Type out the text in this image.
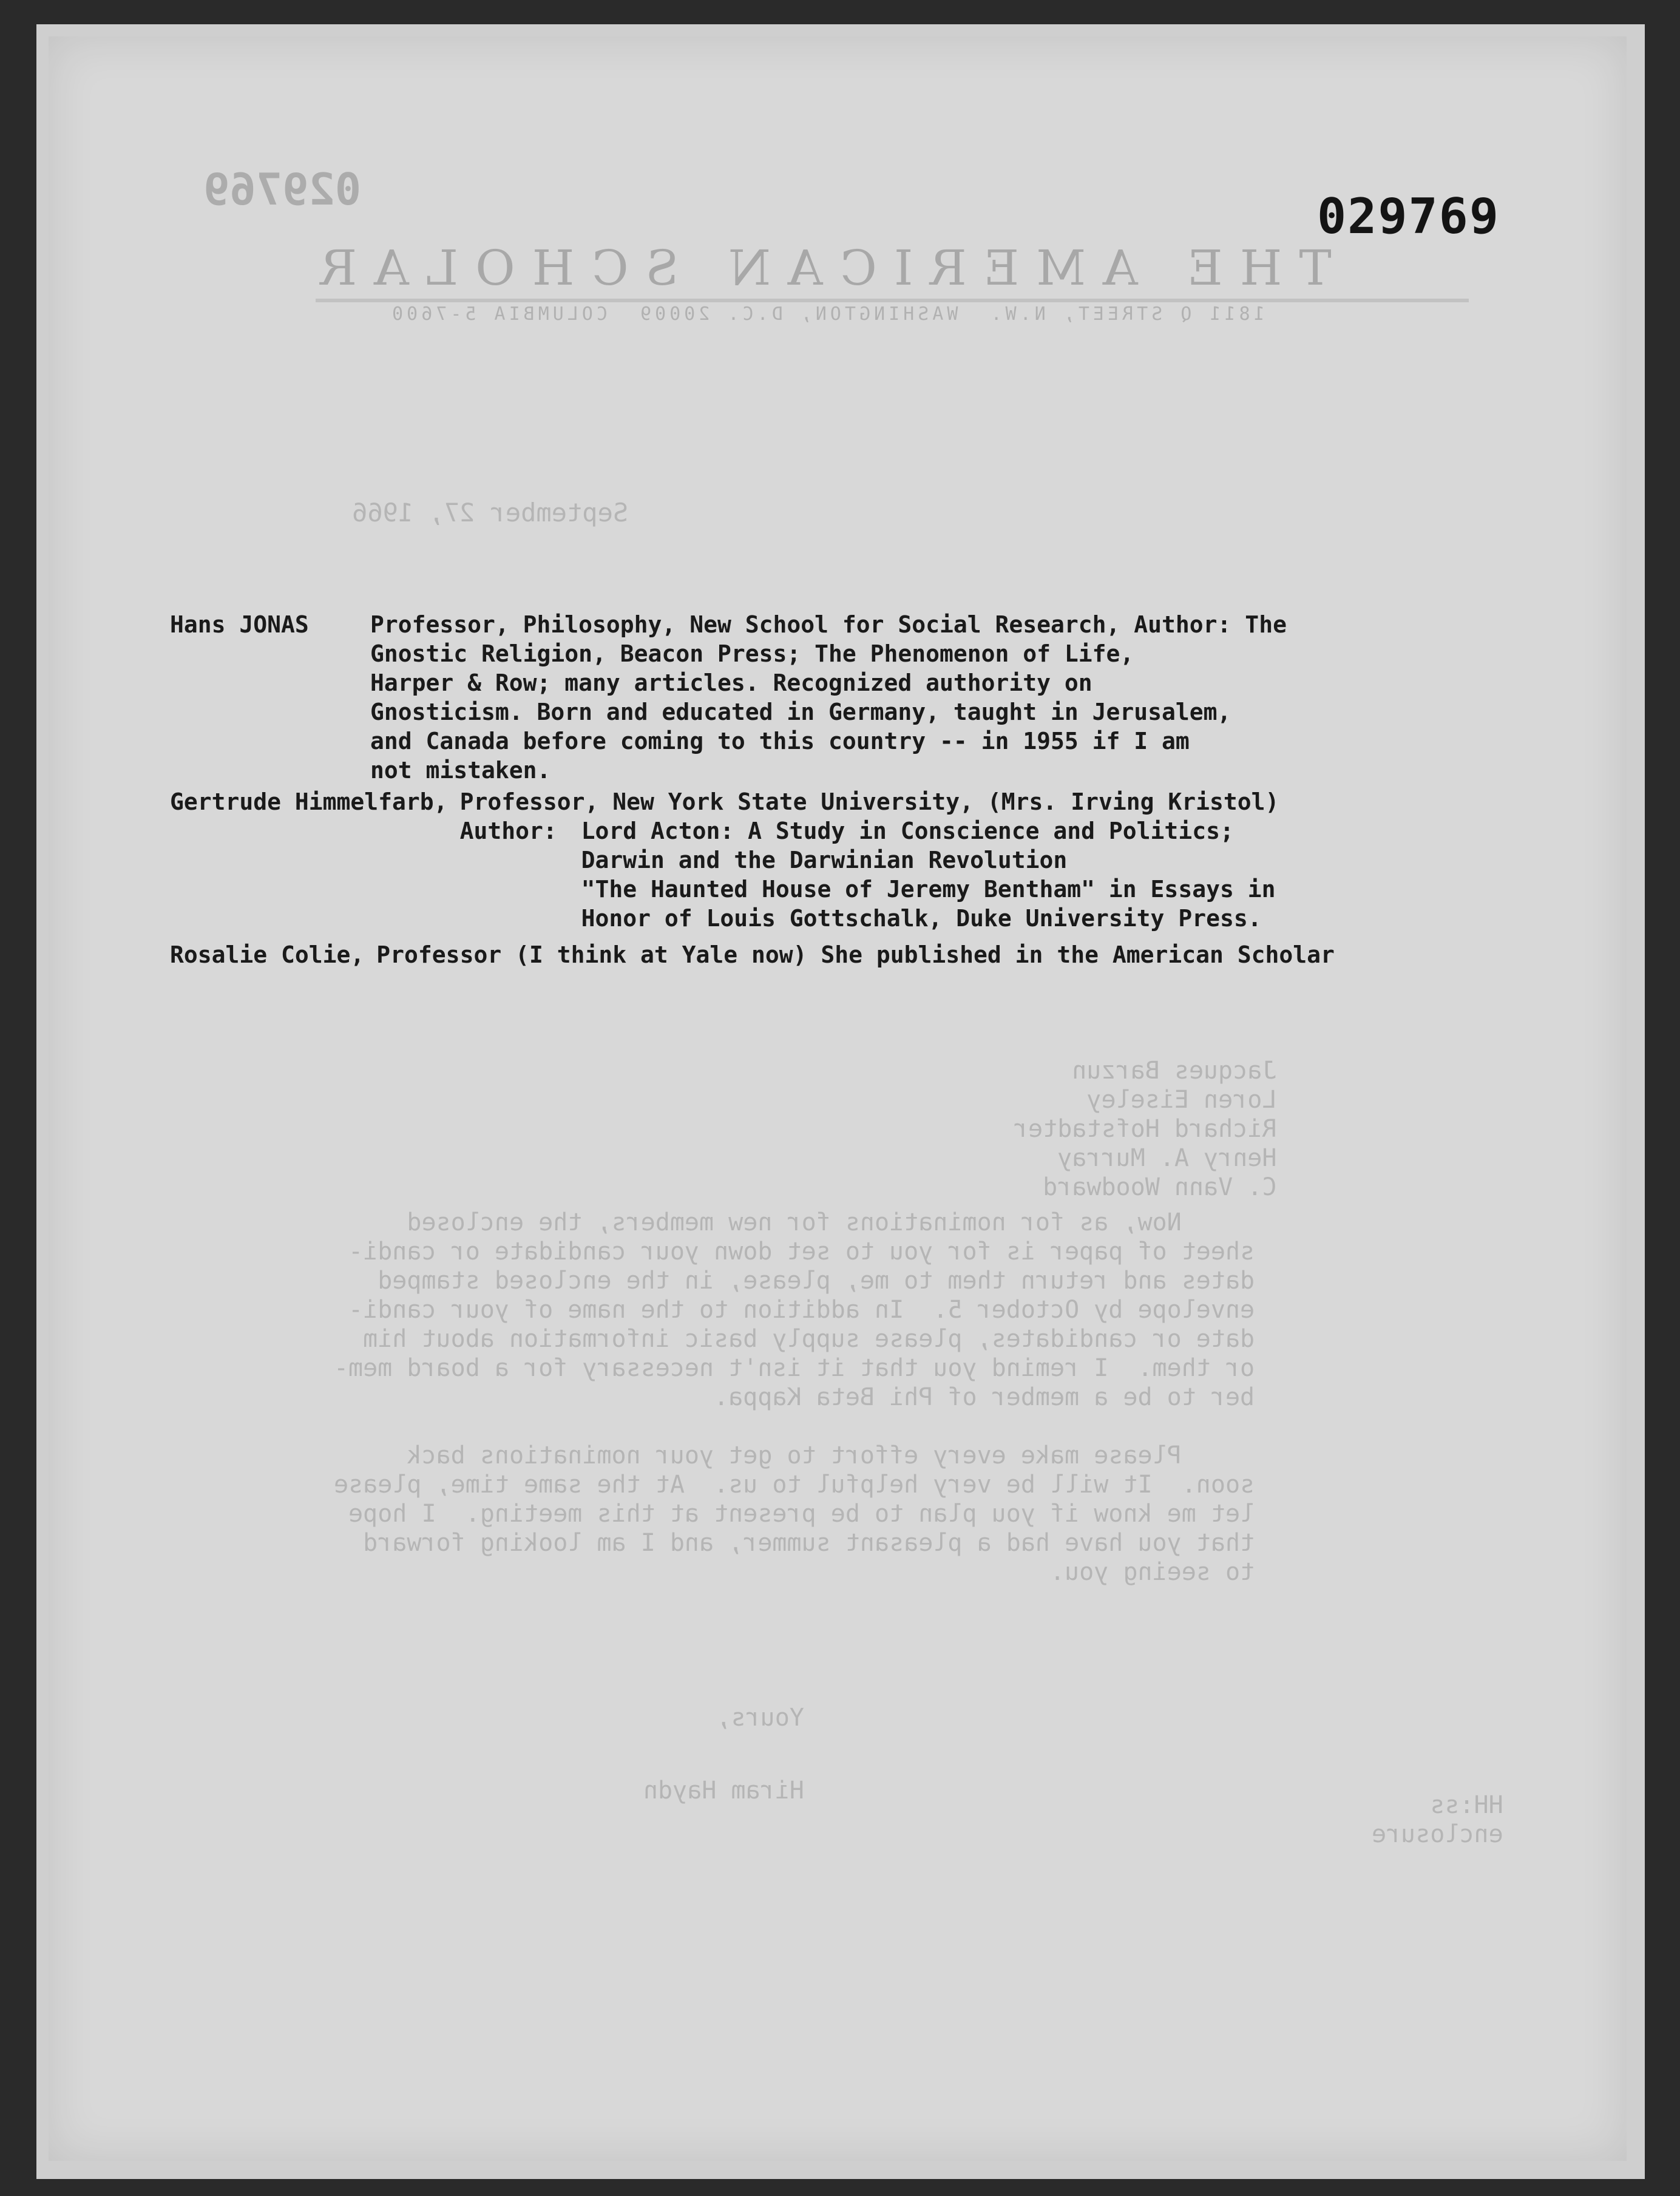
029769
THE AMERICAN SCHOLAR
1811 Q STREET, N.W.  WASHINGTON, D.C. 20009  COLUMBIA 5-7600
September 27, 1966
Jacques Barzun
Loren Eiseley
Richard Hofstadter
Henry A. Murray
C. Vann Woodward
Now, as for nominations for new members, the enclosed
sheet of paper is for you to set down your candidate or candi-
dates and return them to me, please, in the enclosed stamped
envelope by October 5.  In addition to the name of your candi-
date or candidates, please supply basic information about him
or them.  I remind you that it isn't necessary for a board mem-
ber to be a member of Phi Beta Kappa.

Please make every effort to get your nominations back
soon.  It will be very helpful to us.  At the same time, please
let me know if you plan to be present at this meeting.  I hope
that you have had a pleasant summer, and I am looking forward
to seeing you.
Yours,

Hiram Haydn
HH:ss
enclosure
029769
Hans JONAS	Professor, Philosophy, New School for Social Research, Author: The
Gnostic Religion, Beacon Press; The Phenomenon of Life,
Harper & Row; many articles. Recognized authority on
Gnosticism. Born and educated in Germany, taught in Jerusalem,
and Canada before coming to this country -- in 1955 if I am
not mistaken.
Gertrude Himmelfarb, Professor, New York State University, (Mrs. Irving Kristol)
Author:	Lord Acton: A Study in Conscience and Politics;
Darwin and the Darwinian Revolution
"The Haunted House of Jeremy Bentham" in Essays in
Honor of Louis Gottschalk, Duke University Press.
Rosalie Colie, Professor (I think at Yale now) She published in the American Scholar
